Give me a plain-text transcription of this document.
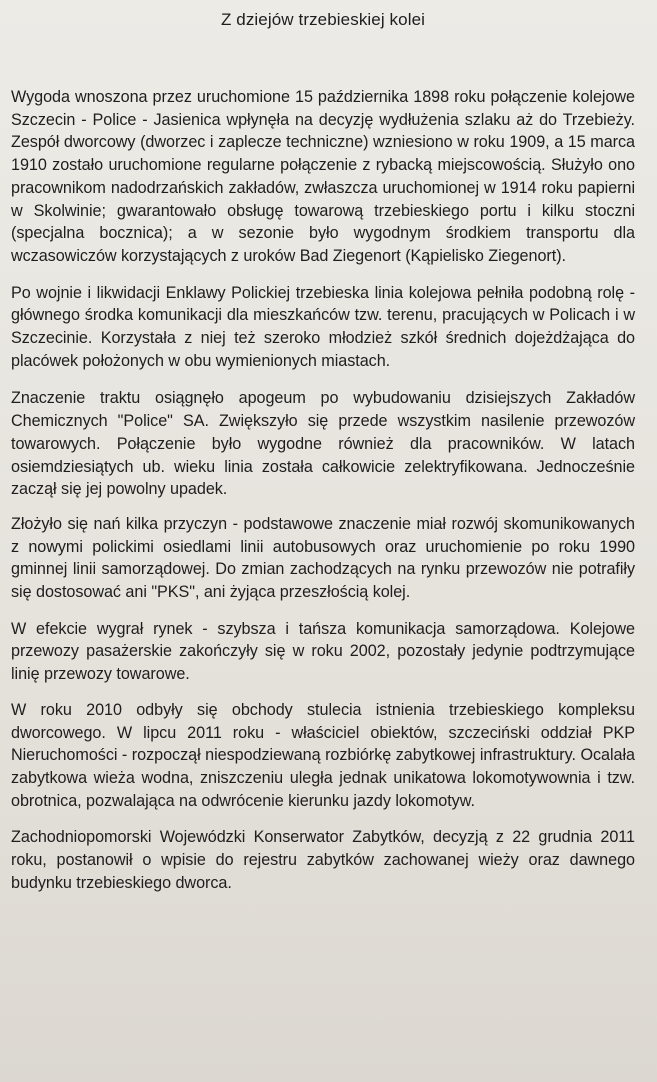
Z dziejów trzebieskiej kolei

Wygoda wnoszona przez uruchomione 15 października 1898 roku połączenie kolejowe Szczecin - Police - Jasienica wpłynęła na decyzję wydłużenia szlaku aż do Trzebieży. Zespół dworcowy (dworzec i zaplecze techniczne) wzniesiono w roku 1909, a 15 marca 1910 zostało uruchomione regularne połączenie z rybacką miejscowością. Służyło ono pracownikom nadodrzańskich zakładów, zwłaszcza uruchomionej w 1914 roku papierni w Skolwinie; gwarantowało obsługę towarową trzebieskiego portu i kilku stoczni (specjalna bocznica); a w sezonie było wygodnym środkiem transportu dla wczasowiczów korzystających z uroków Bad Ziegenort (Kąpielisko Ziegenort).

Po wojnie i likwidacji Enklawy Polickiej trzebieska linia kolejowa pełniła podobną rolę -głównego środka komunikacji dla mieszkańców tzw. terenu, pracujących w Policach i w Szczecinie. Korzystała z niej też szeroko młodzież szkół średnich dojeżdżająca do placówek położonych w obu wymienionych miastach.

Znaczenie traktu osiągnęło apogeum po wybudowaniu dzisiejszych Zakładów Chemicznych "Police" SA. Zwiększyło się przede wszystkim nasilenie przewozów towarowych. Połączenie było wygodne również dla pracowników. W latach osiemdziesiątych ub. wieku linia została całkowicie zelektryfikowana. Jednocześnie zaczął się jej powolny upadek.

Złożyło się nań kilka przyczyn - podstawowe znaczenie miał rozwój skomunikowanych z nowymi polickimi osiedlami linii autobusowych oraz uruchomienie po roku 1990 gminnej linii samorządowej. Do zmian zachodzących na rynku przewozów nie potrafiły się dostosować ani "PKS", ani żyjąca przeszłością kolej.

W efekcie wygrał rynek - szybsza i tańsza komunikacja samorządowa. Kolejowe przewozy pasażerskie zakończyły się w roku 2002, pozostały jedynie podtrzymujące linię przewozy towarowe.

W roku 2010 odbyły się obchody stulecia istnienia trzebieskiego kompleksu dworcowego. W lipcu 2011 roku - właściciel obiektów, szczeciński oddział PKP Nieruchomości - rozpoczął niespodziewaną rozbiórkę zabytkowej infrastruktury. Ocalała zabytkowa wieża wodna, zniszczeniu uległa jednak unikatowa lokomotywownia i tzw. obrotnica, pozwalająca na odwrócenie kierunku jazdy lokomotyw.

Zachodniopomorski Wojewódzki Konserwator Zabytków, decyzją z 22 grudnia 2011 roku, postanowił o wpisie do rejestru zabytków zachowanej wieży oraz dawnego budynku trzebieskiego dworca.
